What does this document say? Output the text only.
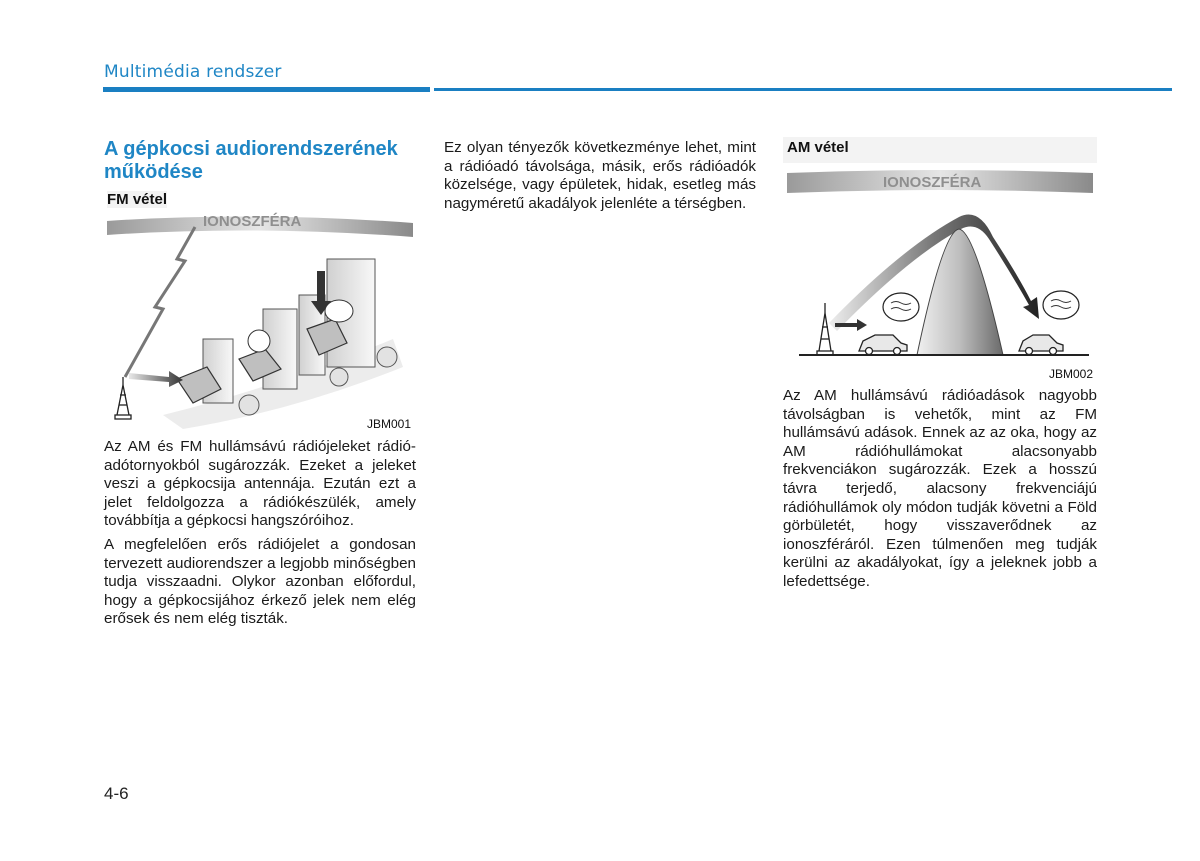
Multimédia rendszer
A gépkocsi audiorendszerének működése
IONOSZFÉRA
FM vétel
JBM001

Az AM és FM hullámsávú rádiójeleket rádió-adótornyokból sugározzák. Ezeket a jeleket veszi a gépkocsija antennája. Ezután ezt a jelet feldolgozza a rádiókészülék, amely továbbítja a gépkocsi hangszóróihoz.

A megfelelően erős rádiójelet a gondosan tervezett audiorendszer a legjobb minőségben tudja visszaadni. Olykor azonban előfordul, hogy a gépkocsijához érkező jelek nem elég erősek és nem elég tiszták.

Ez olyan tényezők következménye lehet, mint a rádióadó távolsága, másik, erős rádióadók közelsége, vagy épületek, hidak, esetleg más nagyméretű akadályok jelenléte a térségben.

IONOSZFÉRA
AM vétel
JBM002

Az AM hullámsávú rádióadások nagyobb távolságban is vehetők, mint az FM hullámsávú adások. Ennek az az oka, hogy az AM rádióhullámokat alacsonyabb frekvenciákon sugározzák. Ezek a hosszú távra terjedő, alacsony frekvenciájú rádióhullámok oly módon tudják követni a Föld görbületét, hogy visszaverődnek az ionoszféráról. Ezen túlmenően meg tudják kerülni az akadályokat, így a jeleknek jobb a lefedettsége.

4-6
